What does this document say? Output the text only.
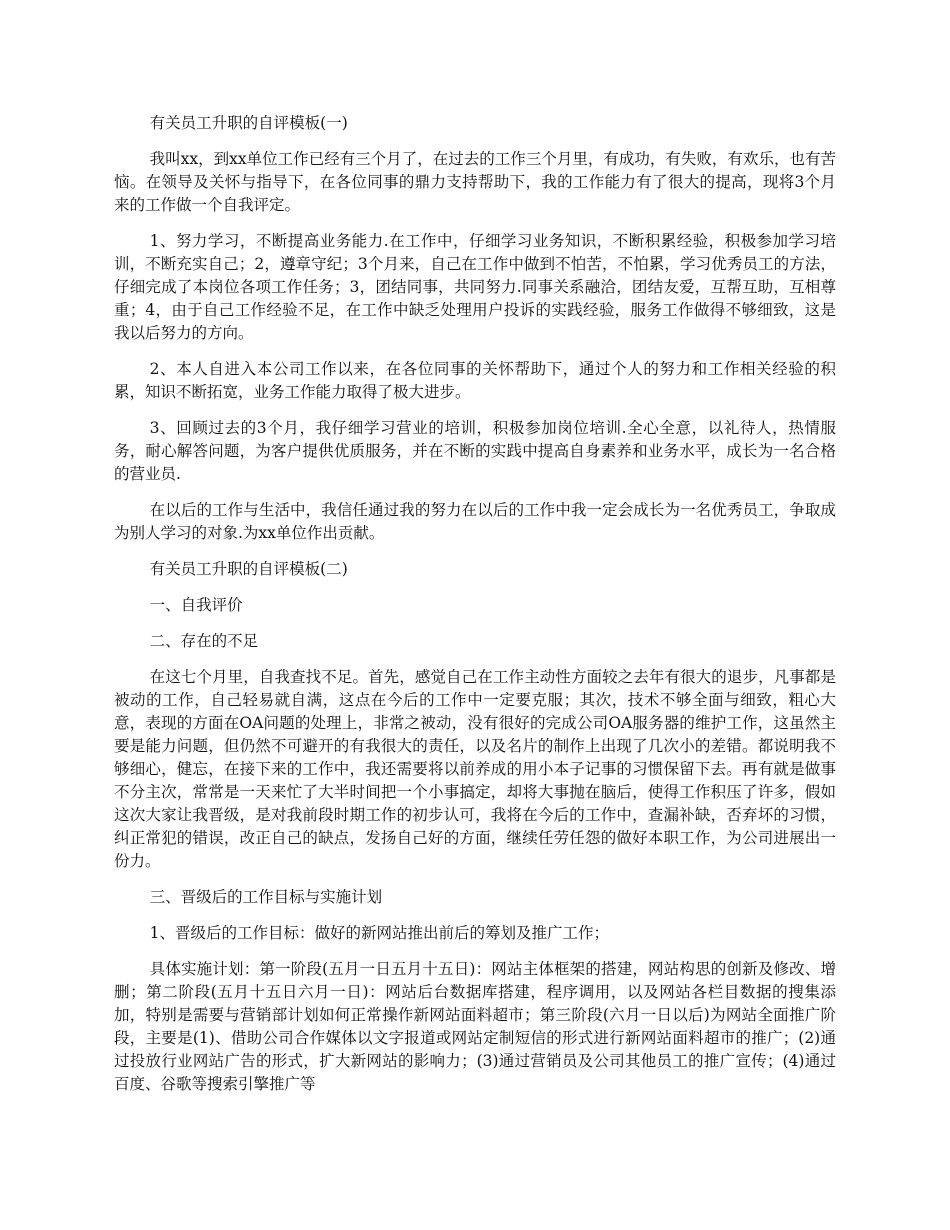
有关员工升职的自评模板(一)

我叫xx，到xx单位工作已经有三个月了，在过去的工作三个月里，有成功，有失败，有欢乐，也有苦恼。在领导及关怀与指导下，在各位同事的鼎力支持帮助下，我的工作能力有了很大的提高，现将3个月来的工作做一个自我评定。

1、努力学习，不断提高业务能力.在工作中，仔细学习业务知识，不断积累经验，积极参加学习培训，不断充实自己；2，遵章守纪；3个月来，自己在工作中做到不怕苦，不怕累，学习优秀员工的方法，仔细完成了本岗位各项工作任务；3，团结同事，共同努力.同事关系融洽，团结友爱，互帮互助，互相尊重；4，由于自己工作经验不足，在工作中缺乏处理用户投诉的实践经验，服务工作做得不够细致，这是我以后努力的方向。

2、本人自进入本公司工作以来，在各位同事的关怀帮助下，通过个人的努力和工作相关经验的积累，知识不断拓宽，业务工作能力取得了极大进步。

3、回顾过去的3个月，我仔细学习营业的培训，积极参加岗位培训.全心全意，以礼待人，热情服务，耐心解答问题，为客户提供优质服务，并在不断的实践中提高自身素养和业务水平，成长为一名合格的营业员.

在以后的工作与生活中，我信任通过我的努力在以后的工作中我一定会成长为一名优秀员工，争取成为别人学习的对象.为xx单位作出贡献。

有关员工升职的自评模板(二)

一、自我评价

二、存在的不足

在这七个月里，自我查找不足。首先，感觉自己在工作主动性方面较之去年有很大的退步，凡事都是被动的工作，自己轻易就自满，这点在今后的工作中一定要克服；其次，技术不够全面与细致，粗心大意，表现的方面在OA问题的处理上，非常之被动，没有很好的完成公司OA服务器的维护工作，这虽然主要是能力问题，但仍然不可避开的有我很大的责任，以及名片的制作上出现了几次小的差错。都说明我不够细心，健忘，在接下来的工作中，我还需要将以前养成的用小本子记事的习惯保留下去。再有就是做事不分主次，常常是一天来忙了大半时间把一个小事搞定，却将大事抛在脑后，使得工作积压了许多，假如这次大家让我晋级，是对我前段时期工作的初步认可，我将在今后的工作中，查漏补缺，否弃坏的习惯，纠正常犯的错误，改正自己的缺点，发扬自己好的方面，继续任劳任怨的做好本职工作，为公司进展出一份力。

三、晋级后的工作目标与实施计划

1、晋级后的工作目标：做好的新网站推出前后的筹划及推广工作；

具体实施计划：第一阶段(五月一日五月十五日)：网站主体框架的搭建，网站构思的创新及修改、增删；第二阶段(五月十五日六月一日)：网站后台数据库搭建，程序调用，以及网站各栏目数据的搜集添加，特别是需要与营销部计划如何正常操作新网站面料超市；第三阶段(六月一日以后)为网站全面推广阶段，主要是(1)、借助公司合作媒体以文字报道或网站定制短信的形式进行新网站面料超市的推广；(2)通过投放行业网站广告的形式，扩大新网站的影响力；(3)通过营销员及公司其他员工的推广宣传；(4)通过百度、谷歌等搜索引擎推广等
